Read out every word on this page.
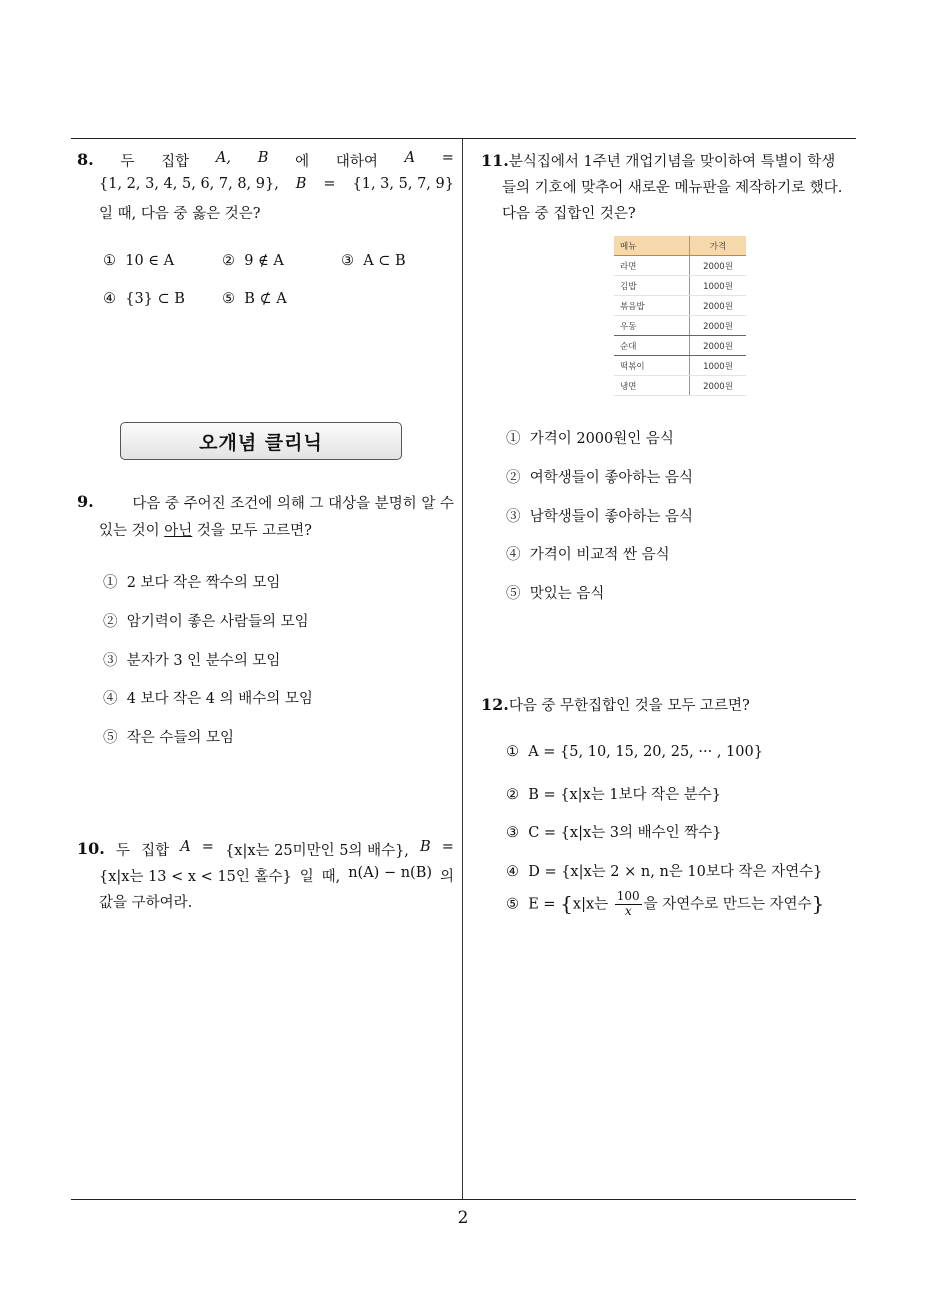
8. 두 집합 A, B 에 대하여 A =
{1, 2, 3, 4, 5, 6, 7, 8, 9}, B = {1, 3, 5, 7, 9}
일 때, 다음 중 옳은 것은?
① 10 ∈ A	② 9 ∉ A	③ A ⊂ B
④ {3} ⊂ B	⑤ B ⊄ A
오개념 클리닉
9.	다음 중 주어진 조건에 의해 그 대상을 분명히 알 수
있는 것이 아닌 것을 모두 고르면?
① 2 보다 작은 짝수의 모임
② 암기력이 좋은 사람들의 모임
③ 분자가 3 인 분수의 모임
④ 4 보다 작은 4 의 배수의 모임
⑤ 작은 수들의 모임
10. 두 집합 A = {x|x는 25미만인 5의 배수}, B =
{x|x는 13 < x < 15인 홀수} 일 때, n(A) − n(B) 의
값을 구하여라.
11.분식집에서 1주년 개업기념을 맞이하여 특별이 학생
들의 기호에 맞추어 새로운 메뉴판을 제작하기로 했다.
다음 중 집합인 것은?
메뉴	가격
라면	2000원
김밥	1000원
볶음밥	2000원
우동	2000원
순대	2000원
떡볶이	1000원
냉면	2000원
① 가격이 2000원인 음식
② 여학생들이 좋아하는 음식
③ 남학생들이 좋아하는 음식
④ 가격이 비교적 싼 음식
⑤ 맛있는 음식
12.다음 중 무한집합인 것을 모두 고르면?
① A = {5, 10, 15, 20, 25, ··· , 100}
② B = {x|x는 1보다 작은 분수}
③ C = {x|x는 3의 배수인 짝수}
④ D = {x|x는 2 × n, n은 10보다 작은 자연수}
⑤ E = {x|x는 $\frac{100}{x}$ 을 자연수로 만드는 자연수}
2
